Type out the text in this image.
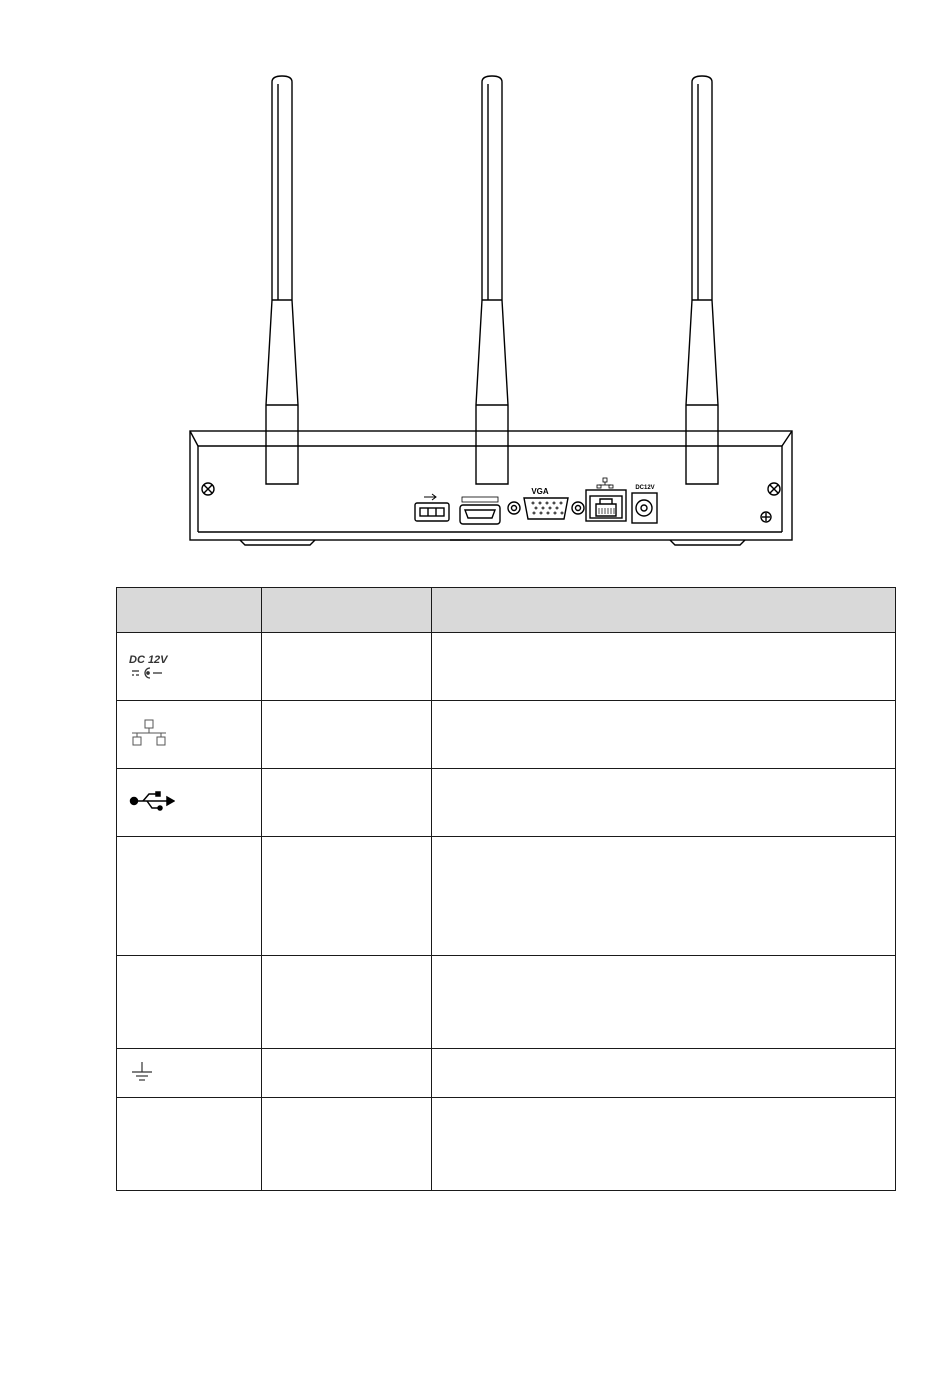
VGA	DC12V

DC 12V
